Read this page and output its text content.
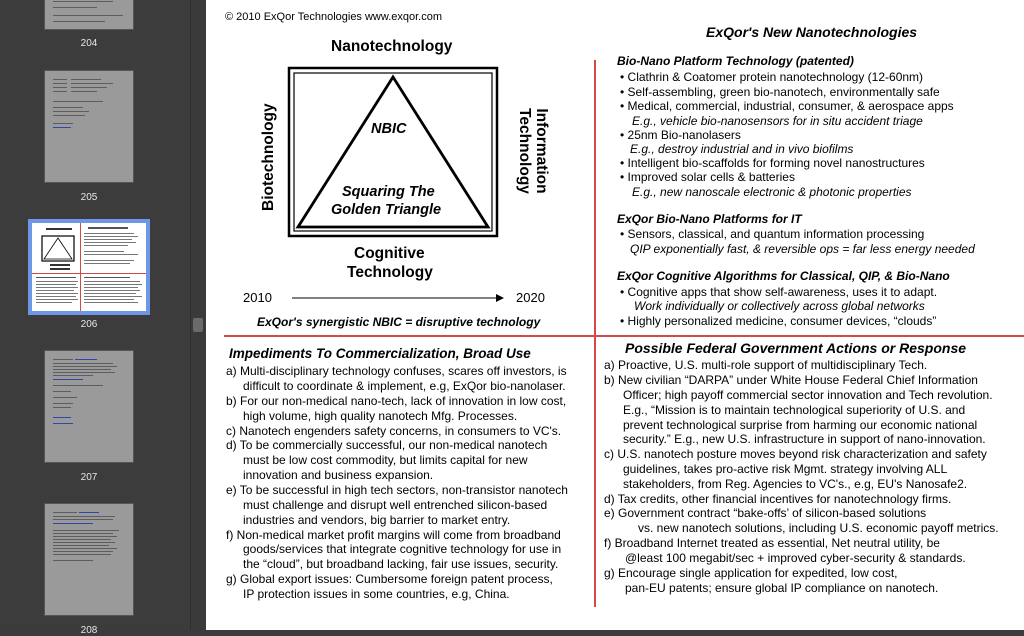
204
205
206
207
208
© 2010 ExQor Technologies www.exqor.com
Nanotechnology
NBIC
Squaring The
Golden Triangle
Biotechnology	Information Technology
Cognitive
Technology
2010	2020
ExQor's synergistic NBIC = disruptive technology
ExQor's New Nanotechnologies
Bio-Nano Platform Technology (patented)
• Clathrin & Coatomer protein nanotechnology (12-60nm)
• Self-assembling, green bio-nanotech, environmentally safe
• Medical, commercial, industrial, consumer, & aerospace apps
E.g., vehicle bio-nanosensors for in situ accident triage
• 25nm Bio-nanolasers
E.g., destroy industrial and in vivo biofilms
• Intelligent bio-scaffolds for forming novel nanostructures
• Improved solar cells & batteries
E.g., new nanoscale electronic & photonic properties
ExQor Bio-Nano Platforms for IT
• Sensors, classical, and quantum information processing
QIP exponentially fast, & reversible ops = far less energy needed
ExQor Cognitive Algorithms for Classical, QIP, & Bio-Nano
• Cognitive apps that show self-awareness, uses it to adapt.
Work individually or collectively across global networks
• Highly personalized medicine, consumer devices, “clouds”
Impediments To Commercialization, Broad Use
a) Multi-disciplinary technology confuses, scares off investors, is
difficult to coordinate & implement, e.g, ExQor bio-nanolaser.
b) For our non-medical nano-tech, lack of innovation in low cost,
high volume, high quality nanotech Mfg. Processes.
c) Nanotech engenders safety concerns, in consumers to VC's.
d) To be commercially successful, our non-medical nanotech
must be low cost commodity, but limits capital for new
innovation and business expansion.
e) To be successful in high tech sectors, non-transistor nanotech
must challenge and disrupt well entrenched silicon-based
industries and vendors, big barrier to market entry.
f) Non-medical market profit margins will come from broadband
goods/services that integrate cognitive technology for use in
the “cloud”, but broadband lacking, fair use issues, security.
g) Global export issues: Cumbersome foreign patent process,
IP protection issues in some countries, e.g, China.
Possible Federal Government Actions or Response
a) Proactive, U.S. multi-role support of multidisciplinary Tech.
b) New civilian “DARPA” under White House Federal Chief Information
Officer; high payoff commercial sector innovation and Tech revolution.
E.g., “Mission is to maintain technological superiority of U.S. and
prevent technological surprise from harming our economic national
security.” E.g., new U.S. infrastructure in support of nano-innovation.
c) U.S. nanotech posture moves beyond risk characterization and safety
guidelines, takes pro-active risk Mgmt. strategy involving ALL
stakeholders, from Reg. Agencies to VC's., e.g, EU's Nanosafe2.
d) Tax credits, other financial incentives for nanotechnology firms.
e) Government contract “bake-offs’ of silicon-based solutions
vs. new nanotech solutions, including U.S. economic payoff metrics.
f) Broadband Internet treated as essential, Net neutral utility, be
@least 100 megabit/sec + improved cyber-security & standards.
g) Encourage single application for expedited, low cost,
pan-EU patents; ensure global IP compliance on nanotech.
